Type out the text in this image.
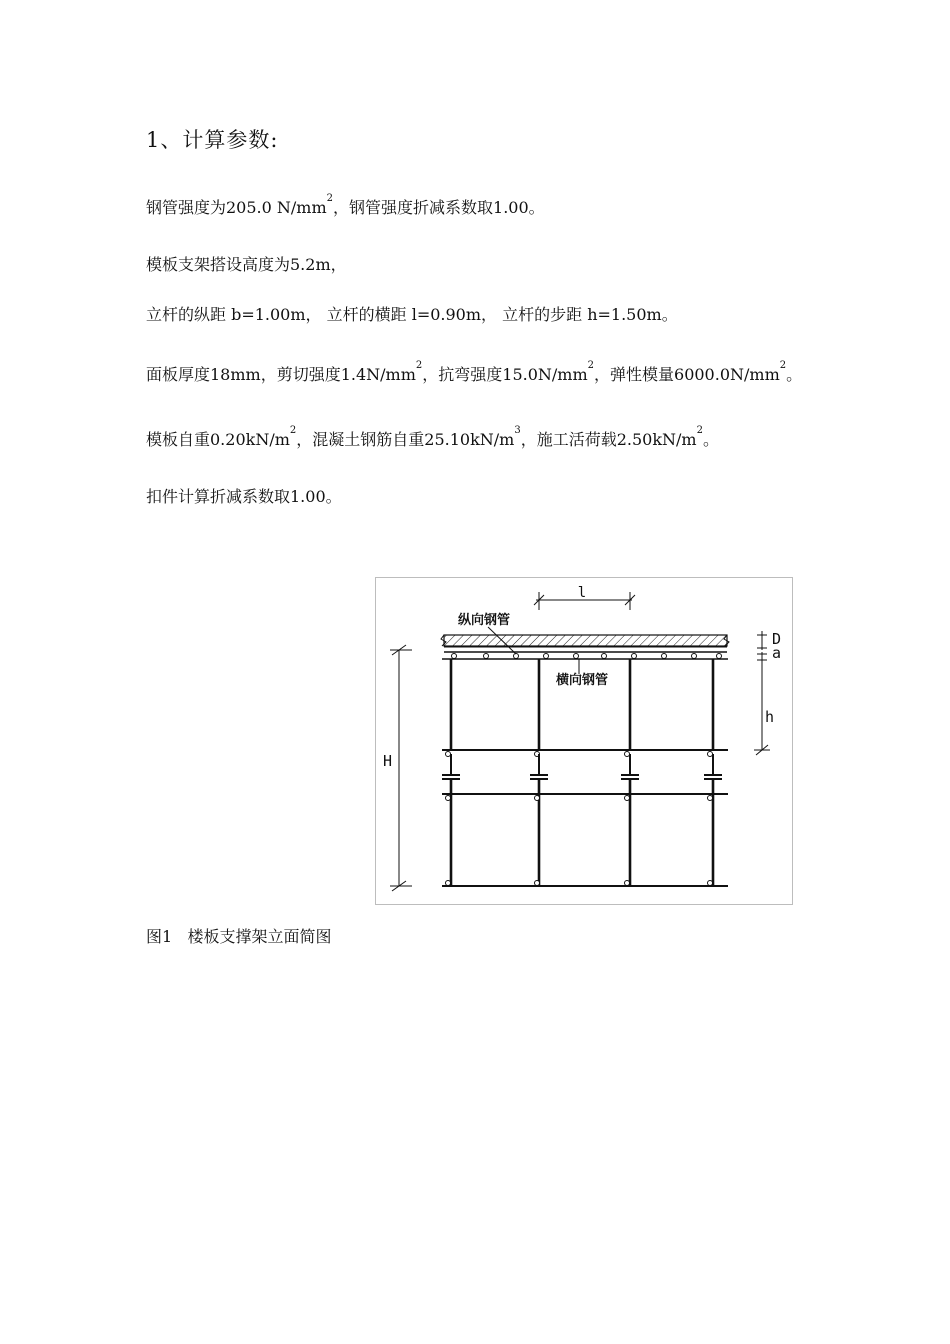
1、计算参数:
钢管强度为205.0 $N/mm^2$，钢管强度折减系数取1.00。
模板支架搭设高度为5.2m，
立杆的纵距 b=1.00m， 立杆的横距 l=0.90m， 立杆的步距 h=1.50m。
面板厚度18mm，剪切强度$1.4N/mm^2$，抗弯强度$15.0N/mm^2$，弹性模量$6000.0N/mm^2$。
模板自重$0.20kN/m^2$，混凝土钢筋自重$25.10kN/m^3$，施工活荷载$2.50kN/m^2$。
扣件计算折减系数取1.00。
l
纵向钢管
横向钢管
D
a
h
H
图1   楼板支撑架立面简图
